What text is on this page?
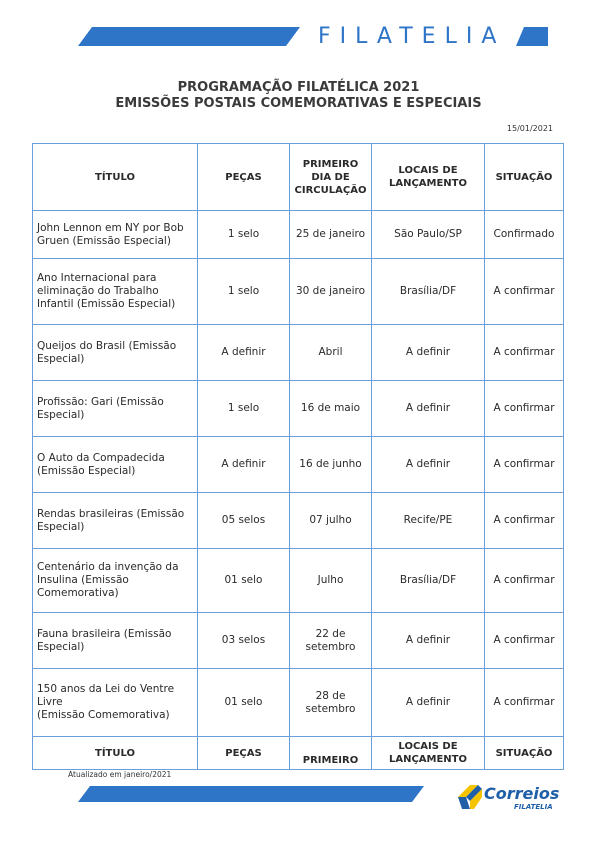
FILATELIA
PROGRAMAÇÃO FILATÉLICA 2021
EMISSÕES POSTAIS COMEMORATIVAS E ESPECIAIS
15/01/2021
TÍTULO	PEÇAS	PRIMEIRO DIA DE CIRCULAÇÃO	LOCAIS DE LANÇAMENTO	SITUAÇÃO
John Lennon em NY por Bob Gruen (Emissão Especial)	1 selo	25 de janeiro	São Paulo/SP	Confirmado
Ano Internacional para eliminação do Trabalho Infantil (Emissão Especial)	1 selo	30 de janeiro	Brasília/DF	A confirmar
Queijos do Brasil (Emissão Especial)	A definir	Abril	A definir	A confirmar
Profissão: Gari (Emissão Especial)	1 selo	16 de maio	A definir	A confirmar
O Auto da Compadecida (Emissão Especial)	A definir	16 de junho	A definir	A confirmar
Rendas brasileiras (Emissão Especial)	05 selos	07 julho	Recife/PE	A confirmar
Centenário da invenção da Insulina (Emissão Comemorativa)	01 selo	Julho	Brasília/DF	A confirmar
Fauna brasileira (Emissão Especial)	03 selos	22 de setembro	A definir	A confirmar
150 anos da Lei do Ventre Livre
(Emissão Comemorativa)	01 selo	28 de setembro	A definir	A confirmar
TÍTULO	PEÇAS	PRIMEIRO	LOCAIS DE LANÇAMENTO	SITUAÇÃO
Atualizado em janeiro/2021
Correios
FILATELIA
